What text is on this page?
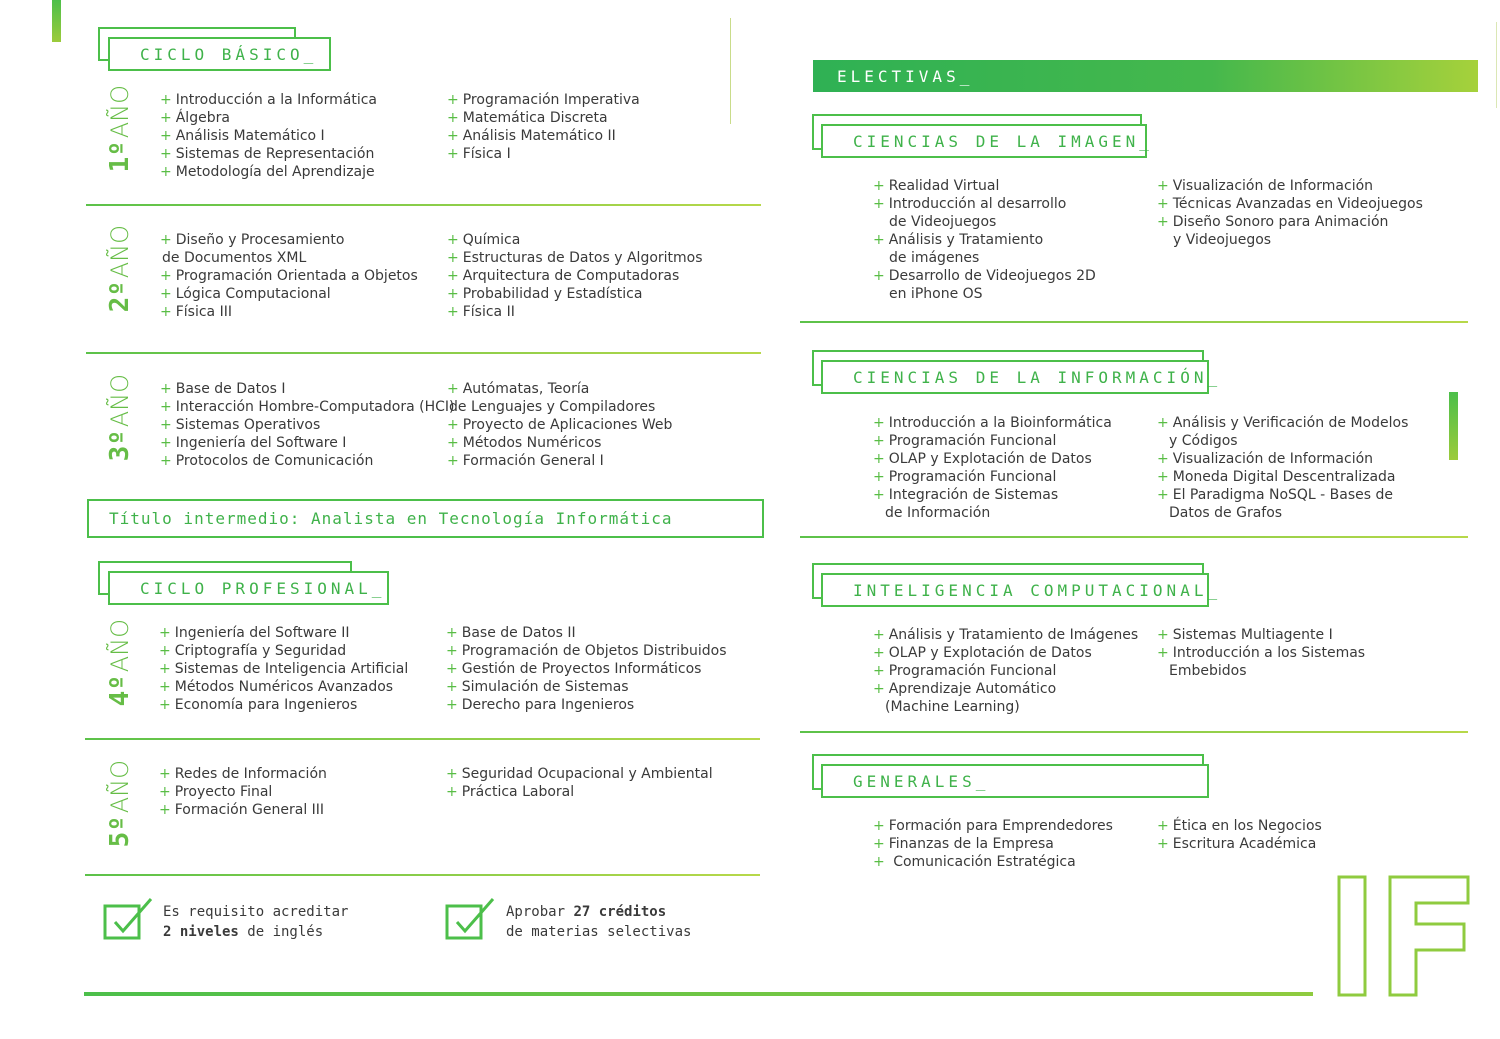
CICLO BÁSICO_
1º
AÑO + Introducción a la Informática
+ Álgebra
+ Análisis Matemático I
+ Sistemas de Representación
+ Metodología del Aprendizaje
+ Programación Imperativa
+ Matemática Discreta
+ Análisis Matemático II
+ Física I
2º
AÑO + Diseño y Procesamiento
de Documentos XML
+ Programación Orientada a Objetos
+ Lógica Computacional
+ Física III
+ Química
+ Estructuras de Datos y Algoritmos
+ Arquitectura de Computadoras
+ Probabilidad y Estadística
+ Física II
3º
AÑO + Base de Datos I
+ Interacción Hombre-Computadora (HCI)
+ Sistemas Operativos
+ Ingeniería del Software I
+ Protocolos de Comunicación
+ Autómatas, Teoría
de Lenguajes y Compiladores
+ Proyecto de Aplicaciones Web
+ Métodos Numéricos
+ Formación General I
Título intermedio: Analista en Tecnología Informática
CICLO PROFESIONAL_
4º
AÑO + Ingeniería del Software II
+ Criptografía y Seguridad
+ Sistemas de Inteligencia Artificial
+ Métodos Numéricos Avanzados
+ Economía para Ingenieros
+ Base de Datos II
+ Programación de Objetos Distribuidos
+ Gestión de Proyectos Informáticos
+ Simulación de Sistemas
+ Derecho para Ingenieros
5º
AÑO + Redes de Información
+ Proyecto Final
+ Formación General III
+ Seguridad Ocupacional y Ambiental
+ Práctica Laboral
Es requisito acreditar
2 niveles de inglés
Aprobar 27 créditos
de materias selectivas
ELECTIVAS_
CIENCIAS DE LA IMAGEN_
+ Realidad Virtual
+ Introducción al desarrollo
de Videojuegos
+ Análisis y Tratamiento
de imágenes
+ Desarrollo de Videojuegos 2D
en iPhone OS
+ Visualización de Información
+ Técnicas Avanzadas en Videojuegos
+ Diseño Sonoro para Animación
y Videojuegos
CIENCIAS DE LA INFORMACIÓN_
+ Introducción a la Bioinformática
+ Programación Funcional
+ OLAP y Explotación de Datos
+ Programación Funcional
+ Integración de Sistemas
de Información
+ Análisis y Verificación de Modelos
y Códigos
+ Visualización de Información
+ Moneda Digital Descentralizada
+ El Paradigma NoSQL - Bases de
Datos de Grafos
INTELIGENCIA COMPUTACIONAL_
+ Análisis y Tratamiento de Imágenes
+ OLAP y Explotación de Datos
+ Programación Funcional
+ Aprendizaje Automático
(Machine Learning)
+ Sistemas Multiagente I
+ Introducción a los Sistemas
Embebidos
GENERALES_
+ Formación para Emprendedores
+ Finanzas de la Empresa
+ Comunicación Estratégica
+ Ética en los Negocios
+ Escritura Académica
